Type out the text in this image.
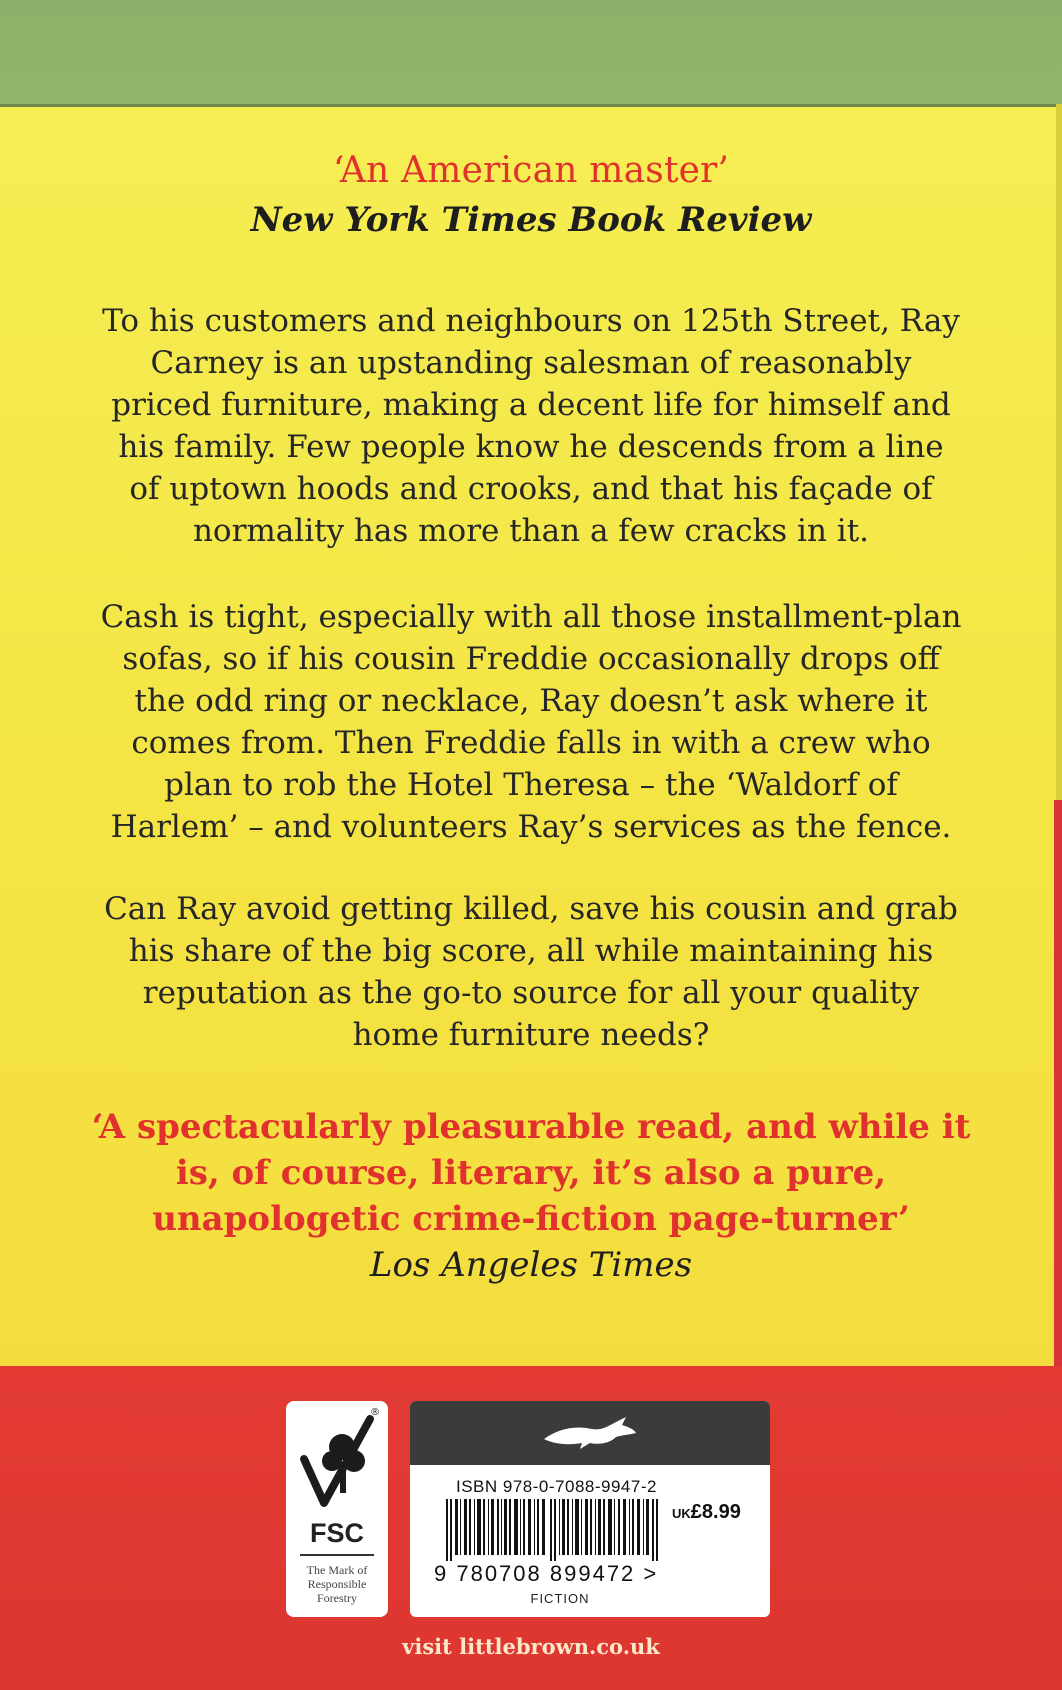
‘An American master’
New York Times Book Review

To his customers and neighbours on 125th Street, Ray Carney is an upstanding salesman of reasonably priced furniture, making a decent life for himself and his family. Few people know he descends from a line of uptown hoods and crooks, and that his façade of normality has more than a few cracks in it.

Cash is tight, especially with all those installment-plan sofas, so if his cousin Freddie occasionally drops off the odd ring or necklace, Ray doesn’t ask where it comes from. Then Freddie falls in with a crew who plan to rob the Hotel Theresa – the ‘Waldorf of Harlem’ – and volunteers Ray’s services as the fence.

Can Ray avoid getting killed, save his cousin and grab his share of the big score, all while maintaining his reputation as the go-to source for all your quality home furniture needs?

‘A spectacularly pleasurable read, and while it is, of course, literary, it’s also a pure, unapologetic crime-fiction page-turner’

Los Angeles Times
®
FSC
The Mark of Responsible Forestry
ISBN 978-0-7088-9947-2
9 780708 899472 >
UK£8.99
FICTION
visit littlebrown.co.uk
